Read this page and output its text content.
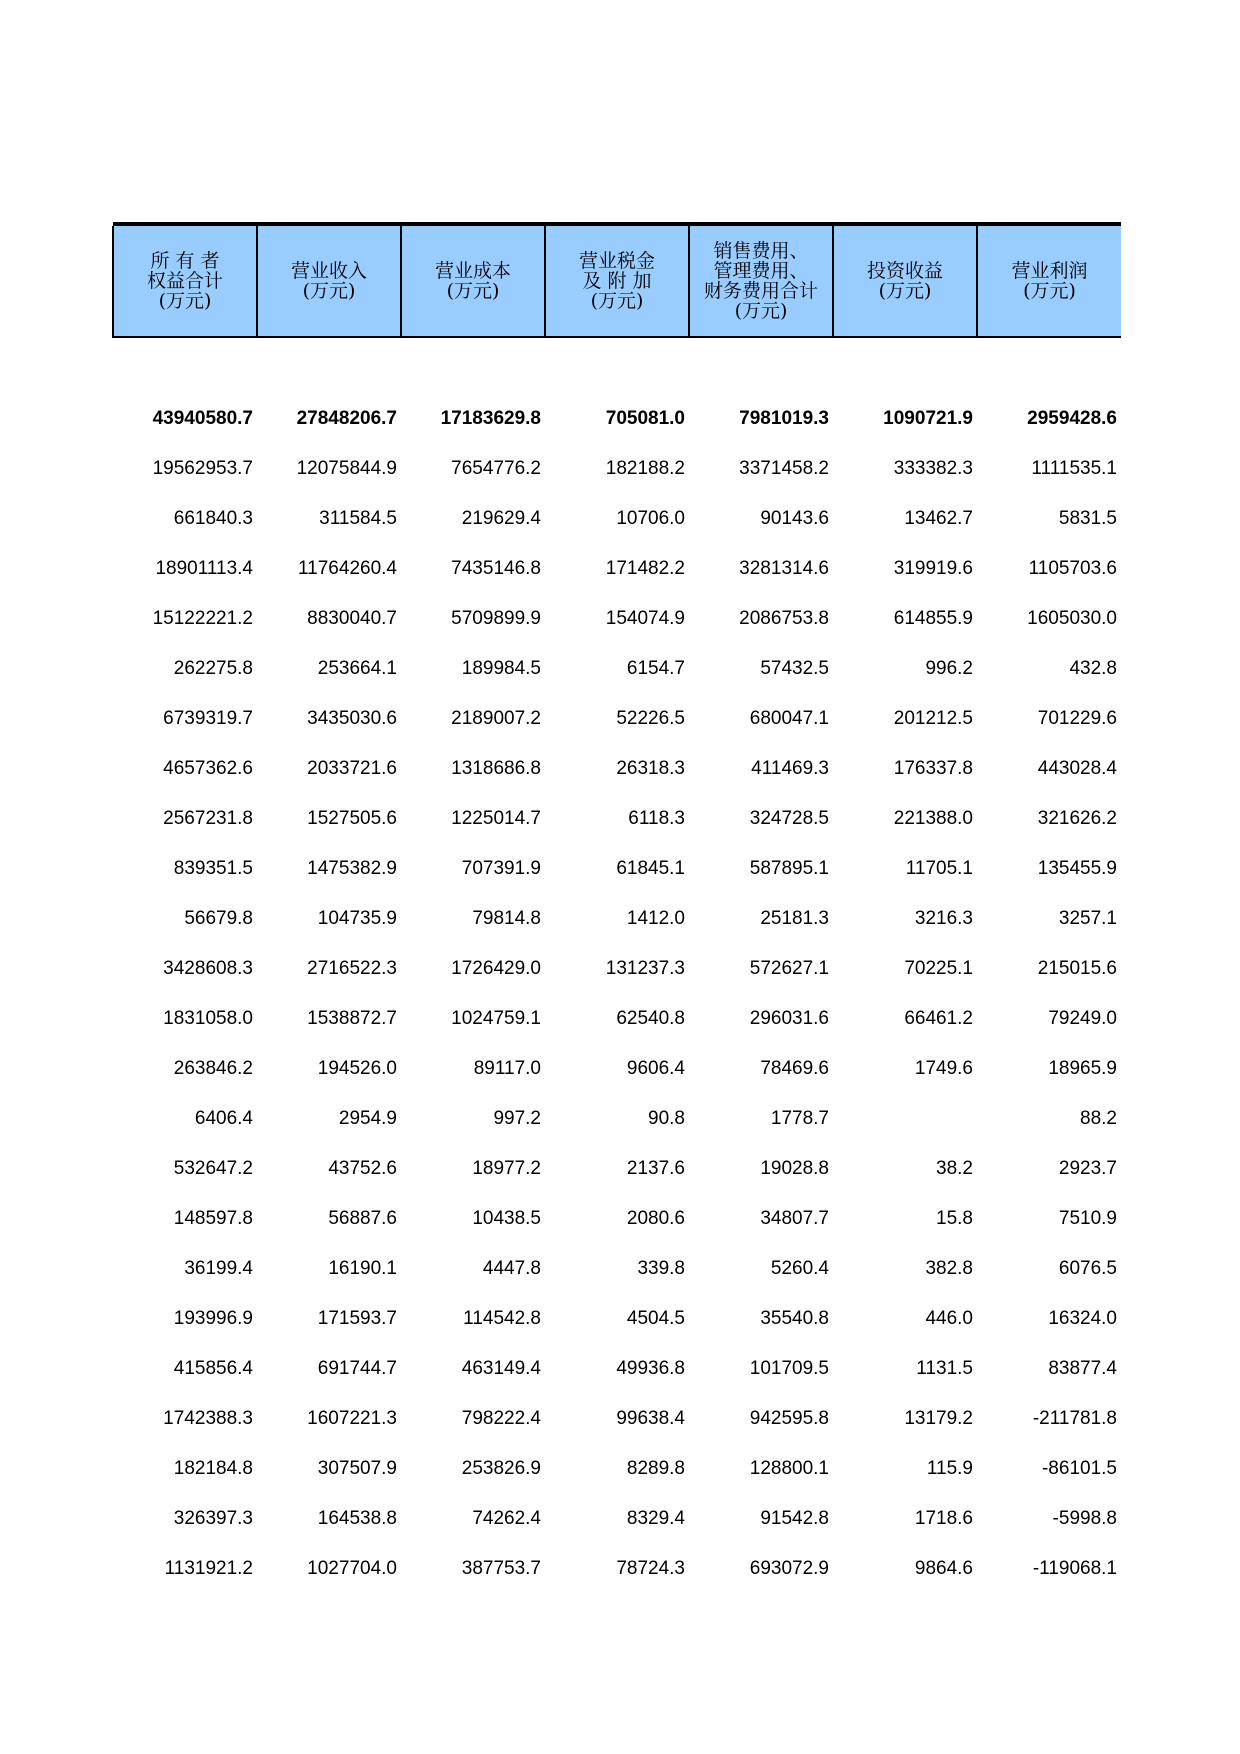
所 有 者
权益合计
(万元)	营业收入
(万元)	营业成本
(万元)	营业税金
及 附 加
(万元)	销售费用、
管理费用、
财务费用合计
(万元)	投资收益
(万元)	营业利润
(万元)

43940580.7	27848206.7	17183629.8	705081.0	7981019.3	1090721.9	2959428.6
19562953.7	12075844.9	7654776.2	182188.2	3371458.2	333382.3	1111535.1
661840.3	311584.5	219629.4	10706.0	90143.6	13462.7	5831.5
18901113.4	11764260.4	7435146.8	171482.2	3281314.6	319919.6	1105703.6
15122221.2	8830040.7	5709899.9	154074.9	2086753.8	614855.9	1605030.0
262275.8	253664.1	189984.5	6154.7	57432.5	996.2	432.8
6739319.7	3435030.6	2189007.2	52226.5	680047.1	201212.5	701229.6
4657362.6	2033721.6	1318686.8	26318.3	411469.3	176337.8	443028.4
2567231.8	1527505.6	1225014.7	6118.3	324728.5	221388.0	321626.2
839351.5	1475382.9	707391.9	61845.1	587895.1	11705.1	135455.9
56679.8	104735.9	79814.8	1412.0	25181.3	3216.3	3257.1
3428608.3	2716522.3	1726429.0	131237.3	572627.1	70225.1	215015.6
1831058.0	1538872.7	1024759.1	62540.8	296031.6	66461.2	79249.0
263846.2	194526.0	89117.0	9606.4	78469.6	1749.6	18965.9
6406.4	2954.9	997.2	90.8	1778.7		88.2
532647.2	43752.6	18977.2	2137.6	19028.8	38.2	2923.7
148597.8	56887.6	10438.5	2080.6	34807.7	15.8	7510.9
36199.4	16190.1	4447.8	339.8	5260.4	382.8	6076.5
193996.9	171593.7	114542.8	4504.5	35540.8	446.0	16324.0
415856.4	691744.7	463149.4	49936.8	101709.5	1131.5	83877.4
1742388.3	1607221.3	798222.4	99638.4	942595.8	13179.2	-211781.8
182184.8	307507.9	253826.9	8289.8	128800.1	115.9	-86101.5
326397.3	164538.8	74262.4	8329.4	91542.8	1718.6	-5998.8
1131921.2	1027704.0	387753.7	78724.3	693072.9	9864.6	-119068.1
